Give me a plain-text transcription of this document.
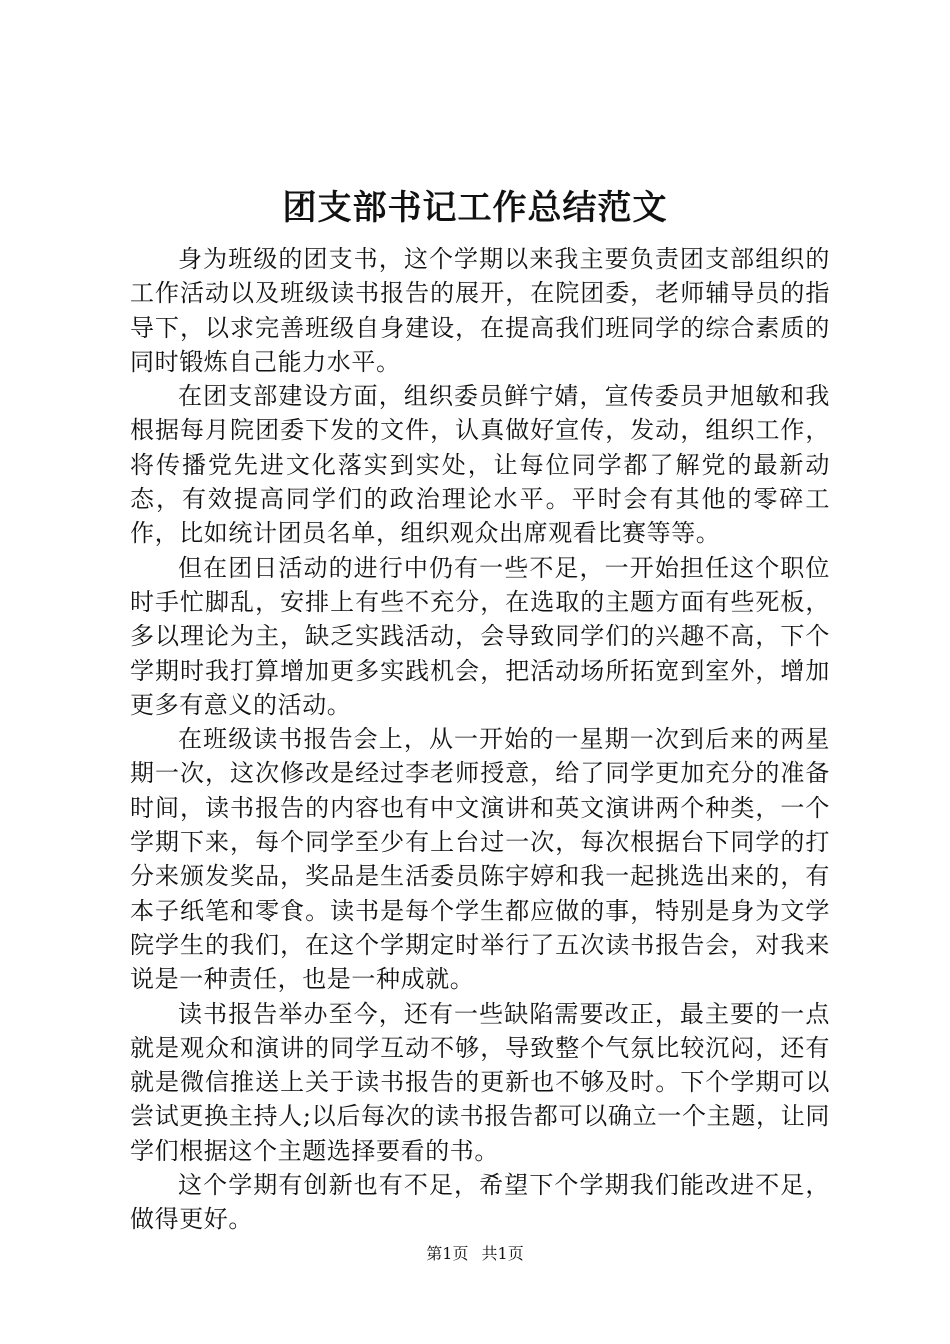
团支部书记工作总结范文

身为班级的团支书，这个学期以来我主要负责团支部组织的工作活动以及班级读书报告的展开，在院团委，老师辅导员的指导下，以求完善班级自身建设，在提高我们班同学的综合素质的同时锻炼自己能力水平。

在团支部建设方面，组织委员鲜宁婧，宣传委员尹旭敏和我根据每月院团委下发的文件，认真做好宣传，发动，组织工作，将传播党先进文化落实到实处，让每位同学都了解党的最新动态，有效提高同学们的政治理论水平。平时会有其他的零碎工作，比如统计团员名单，组织观众出席观看比赛等等。

但在团日活动的进行中仍有一些不足，一开始担任这个职位时手忙脚乱，安排上有些不充分，在选取的主题方面有些死板，多以理论为主，缺乏实践活动，会导致同学们的兴趣不高，下个学期时我打算增加更多实践机会，把活动场所拓宽到室外，增加更多有意义的活动。

在班级读书报告会上，从一开始的一星期一次到后来的两星期一次，这次修改是经过李老师授意，给了同学更加充分的准备时间，读书报告的内容也有中文演讲和英文演讲两个种类，一个学期下来，每个同学至少有上台过一次，每次根据台下同学的打分来颁发奖品，奖品是生活委员陈宇婷和我一起挑选出来的，有本子纸笔和零食。读书是每个学生都应做的事，特别是身为文学院学生的我们，在这个学期定时举行了五次读书报告会，对我来说是一种责任，也是一种成就。

读书报告举办至今，还有一些缺陷需要改正，最主要的一点就是观众和演讲的同学互动不够，导致整个气氛比较沉闷，还有就是微信推送上关于读书报告的更新也不够及时。下个学期可以尝试更换主持人;以后每次的读书报告都可以确立一个主题，让同学们根据这个主题选择要看的书。

这个学期有创新也有不足，希望下个学期我们能改进不足，做得更好。

第1页 共1页
